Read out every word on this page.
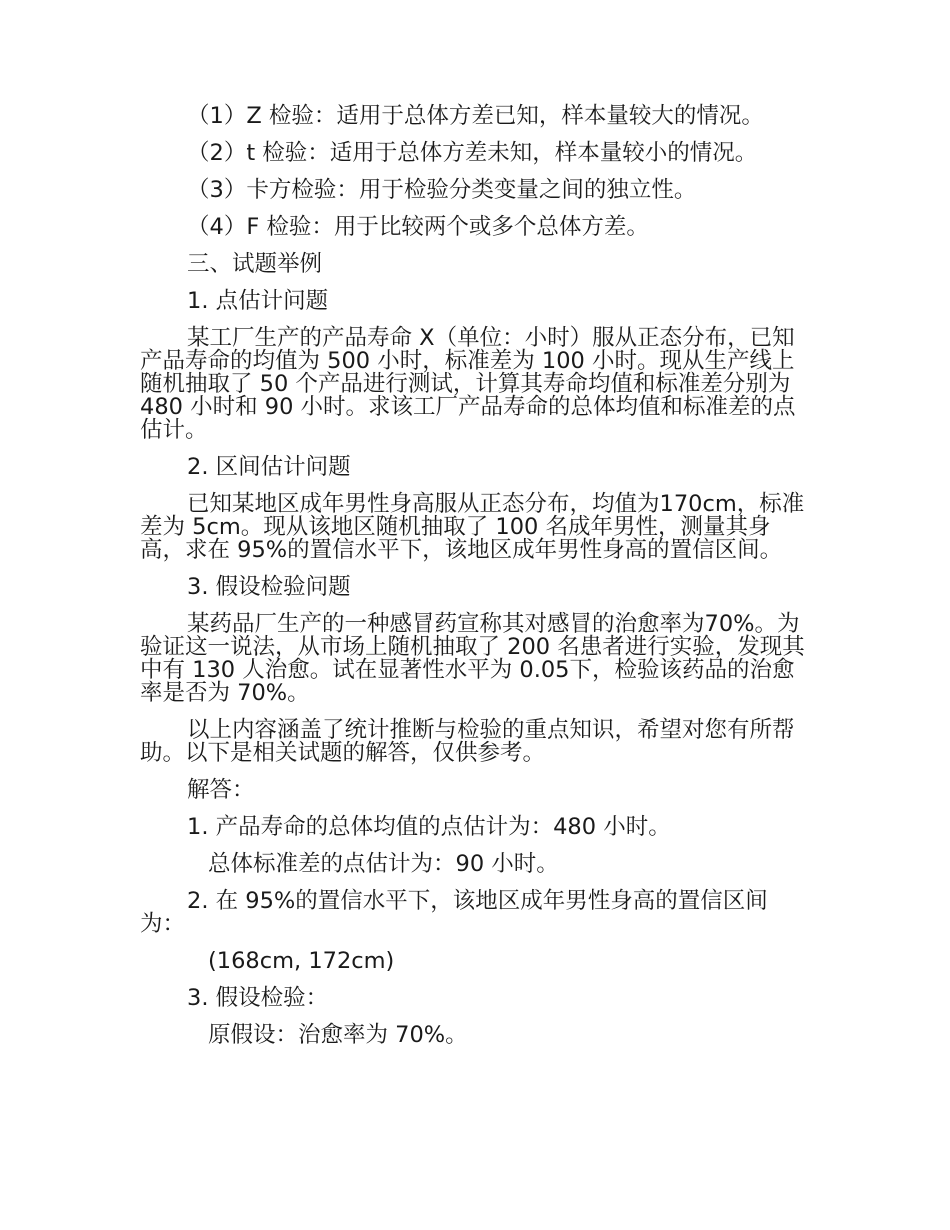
（1）Z 检验：适用于总体方差已知，样本量较大的情况。

（2）t 检验：适用于总体方差未知，样本量较小的情况。

（3）卡方检验：用于检验分类变量之间的独立性。

（4）F 检验：用于比较两个或多个总体方差。

三、试题举例

1. 点估计问题

某工厂生产的产品寿命 X（单位：小时）服从正态分布，已知产品寿命的均值为 500 小时，标准差为 100 小时。现从生产线上随机抽取了 50 个产品进行测试，计算其寿命均值和标准差分别为 480 小时和 90 小时。求该工厂产品寿命的总体均值和标准差的点估计。

2. 区间估计问题

已知某地区成年男性身高服从正态分布，均值为170cm，标准差为 5cm。现从该地区随机抽取了 100 名成年男性，测量其身高，求在 95%的置信水平下，该地区成年男性身高的置信区间。

3. 假设检验问题

某药品厂生产的一种感冒药宣称其对感冒的治愈率为70%。为验证这一说法，从市场上随机抽取了 200 名患者进行实验，发现其中有 130 人治愈。试在显著性水平为 0.05下，检验该药品的治愈率是否为 70%。

以上内容涵盖了统计推断与检验的重点知识，希望对您有所帮助。以下是相关试题的解答，仅供参考。

解答：

1. 产品寿命的总体均值的点估计为：480 小时。

总体标准差的点估计为：90 小时。

2. 在 95%的置信水平下，该地区成年男性身高的置信区间为：

(168cm, 172cm)

3. 假设检验：

原假设：治愈率为 70%。
